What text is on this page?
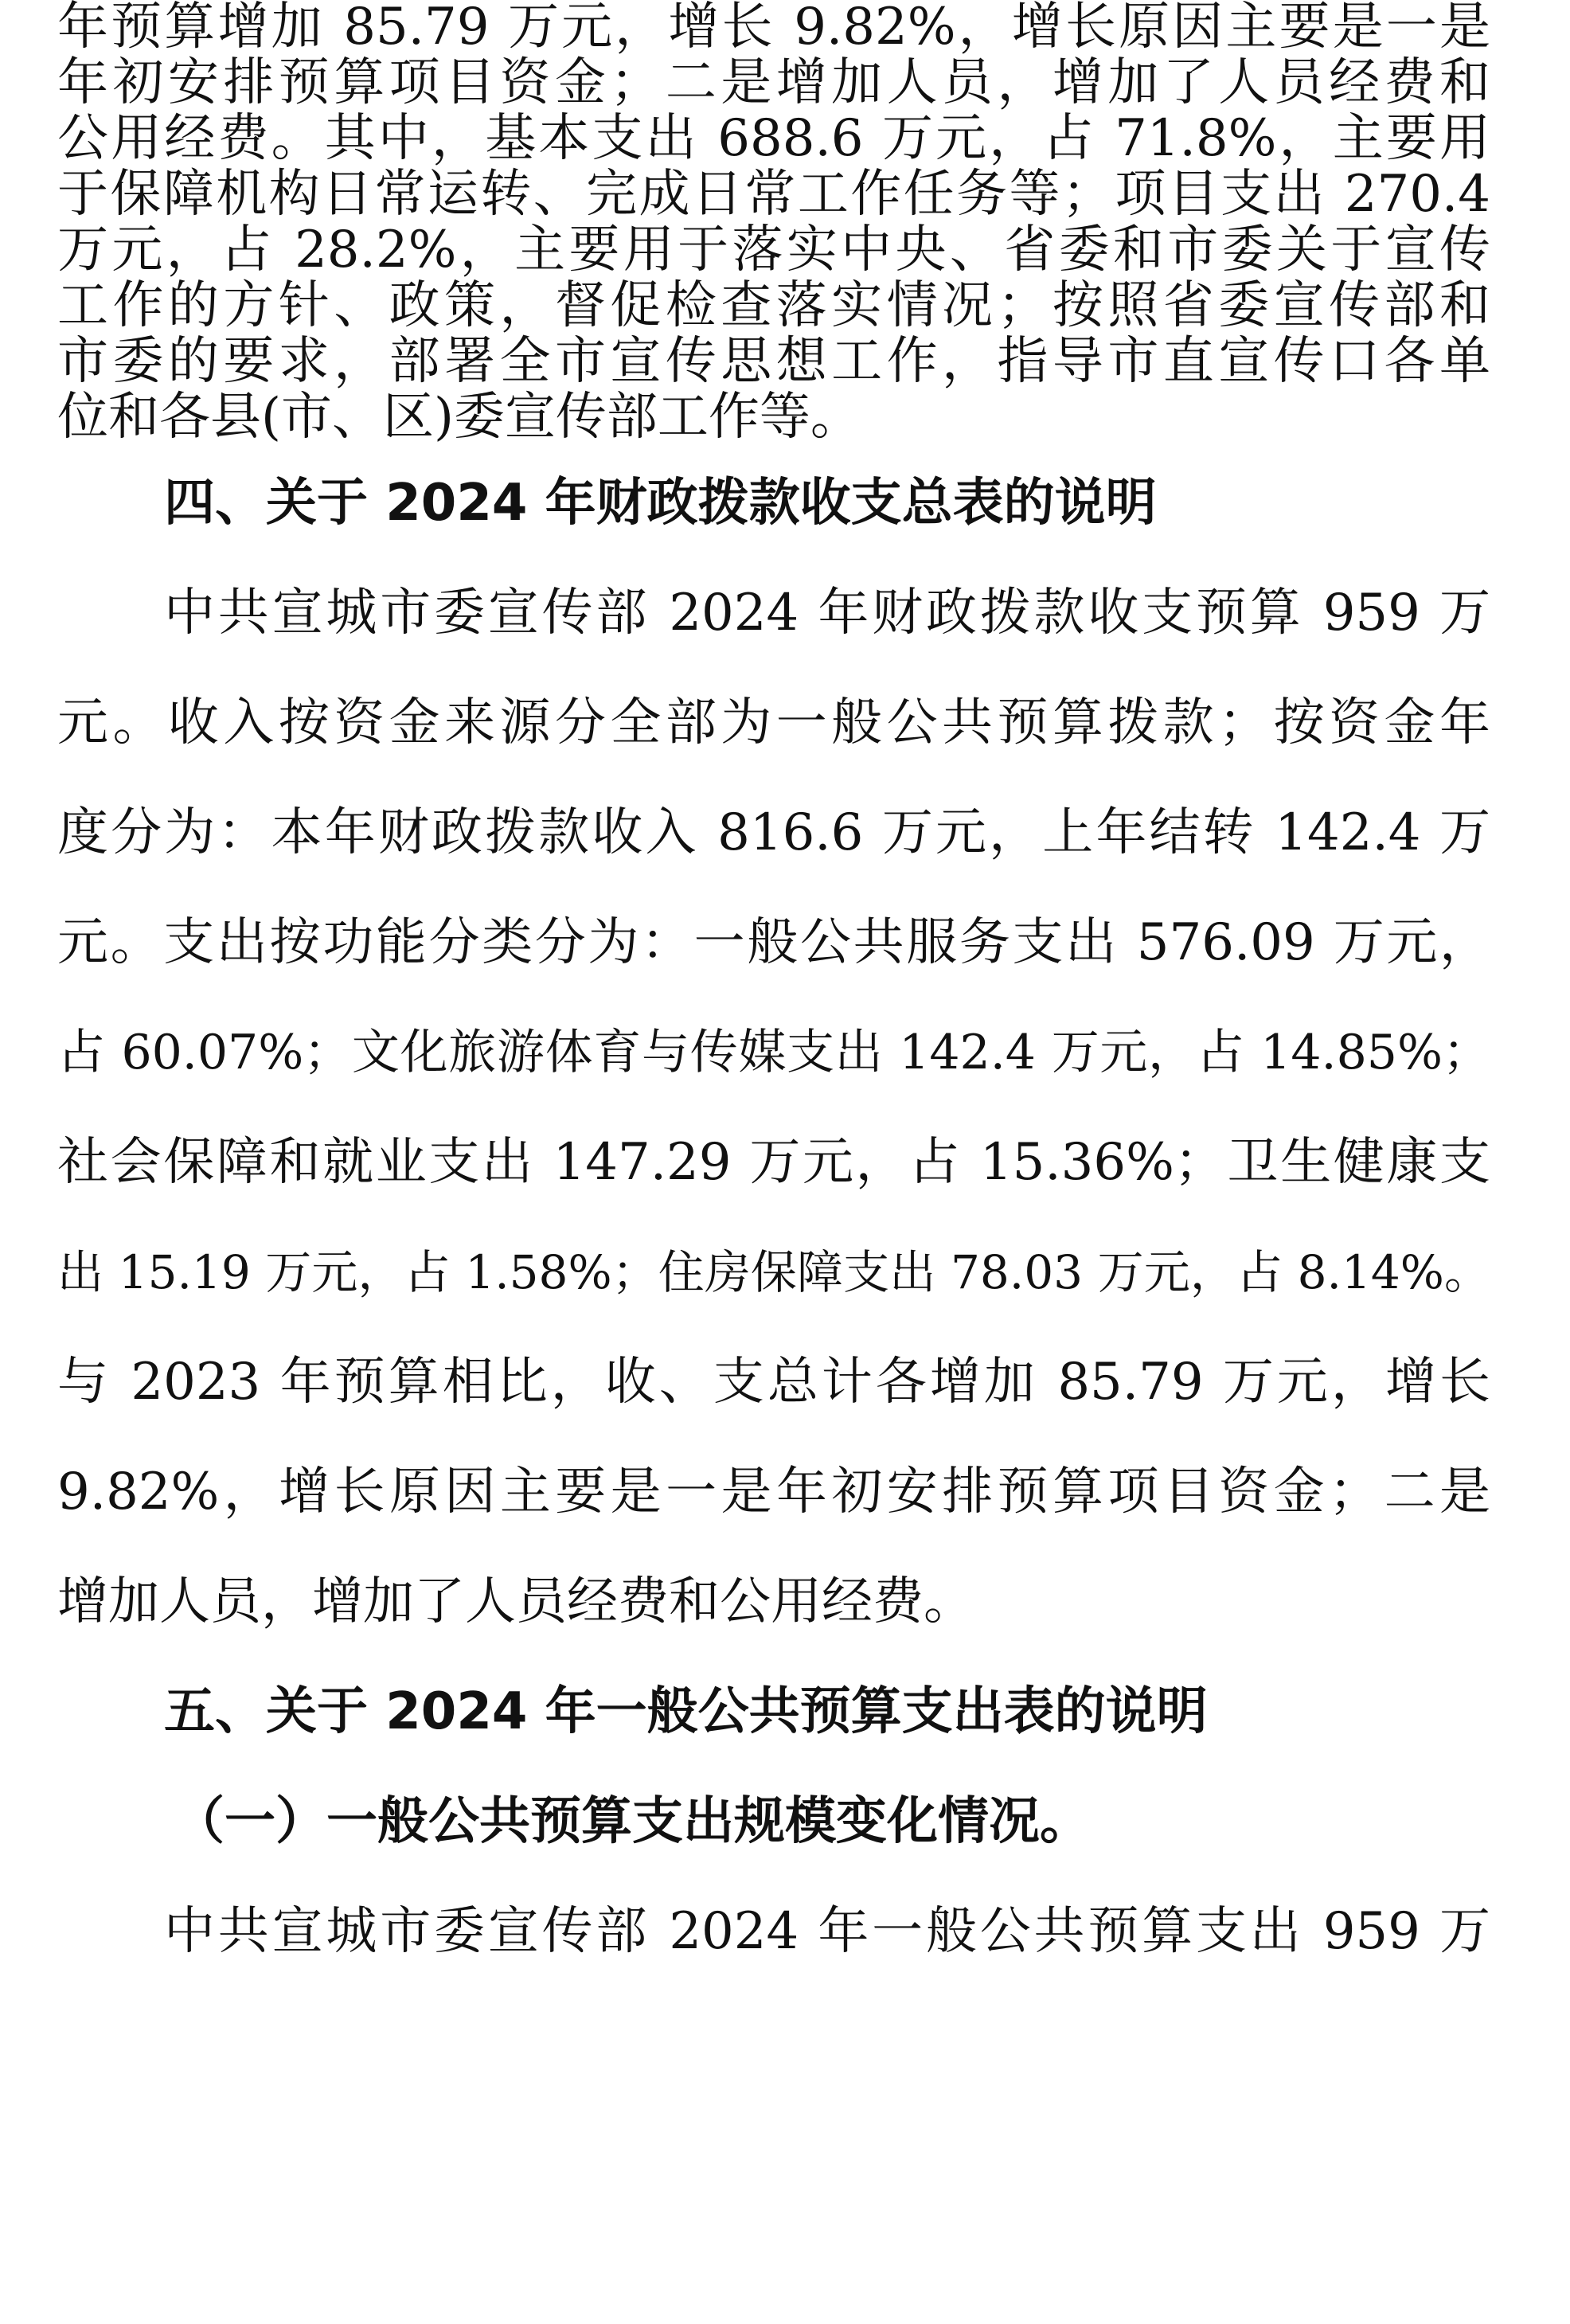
年预算增加 85.79 万元，增长 9.82%，增长原因主要是一是
年初安排预算项目资金；二是增加人员，增加了人员经费和
公用经费。其中，基本支出 688.6 万元，占 71.8%，主要用
于保障机构日常运转、完成日常工作任务等；项目支出 270.4
万元，占 28.2%，主要用于落实中央、省委和市委关于宣传
工作的方针、政策，督促检查落实情况；按照省委宣传部和
市委的要求，部署全市宣传思想工作，指导市直宣传口各单
位和各县(市、区)委宣传部工作等。
四、关于 2024 年财政拨款收支总表的说明
中共宣城市委宣传部 2024 年财政拨款收支预算 959 万
元。收入按资金来源分全部为一般公共预算拨款；按资金年
度分为：本年财政拨款收入 816.6 万元，上年结转 142.4 万
元。支出按功能分类分为：一般公共服务支出 576.09 万元，
占 60.07%；文化旅游体育与传媒支出 142.4 万元，占 14.85%；
社会保障和就业支出 147.29 万元，占 15.36%；卫生健康支
出 15.19 万元，占 1.58%；住房保障支出 78.03 万元，占 8.14%。
与 2023 年预算相比，收、支总计各增加 85.79 万元，增长
9.82%，增长原因主要是一是年初安排预算项目资金；二是
增加人员，增加了人员经费和公用经费。
五、关于 2024 年一般公共预算支出表的说明
（一）一般公共预算支出规模变化情况。
中共宣城市委宣传部 2024 年一般公共预算支出 959 万
